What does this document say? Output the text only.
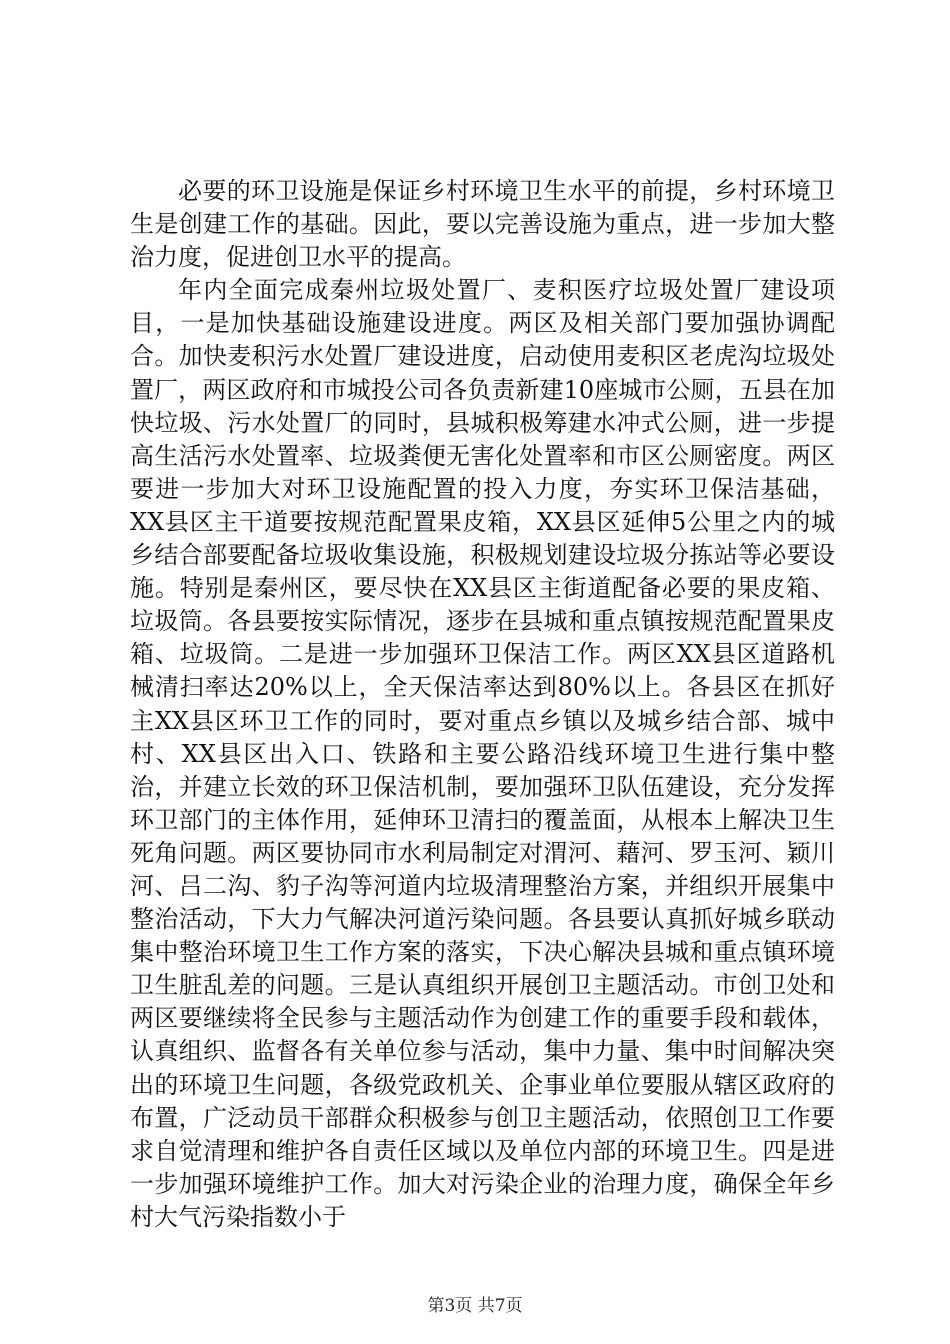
必要的环卫设施是保证乡村环境卫生水平的前提，乡村环境卫生是创建工作的基础。因此，要以完善设施为重点，进一步加大整治力度，促进创卫水平的提高。

年内全面完成秦州垃圾处置厂、麦积医疗垃圾处置厂建设项目，一是加快基础设施建设进度。两区及相关部门要加强协调配合。加快麦积污水处置厂建设进度，启动使用麦积区老虎沟垃圾处置厂，两区政府和市城投公司各负责新建10座城市公厕，五县在加快垃圾、污水处置厂的同时，县城积极筹建水冲式公厕，进一步提高生活污水处置率、垃圾粪便无害化处置率和市区公厕密度。两区要进一步加大对环卫设施配置的投入力度，夯实环卫保洁基础，XX县区主干道要按规范配置果皮箱，XX县区延伸5公里之内的城乡结合部要配备垃圾收集设施，积极规划建设垃圾分拣站等必要设施。特别是秦州区，要尽快在XX县区主街道配备必要的果皮箱、垃圾筒。各县要按实际情况，逐步在县城和重点镇按规范配置果皮箱、垃圾筒。二是进一步加强环卫保洁工作。两区XX县区道路机械清扫率达20%以上，全天保洁率达到80%以上。各县区在抓好主XX县区环卫工作的同时，要对重点乡镇以及城乡结合部、城中村、XX县区出入口、铁路和主要公路沿线环境卫生进行集中整治，并建立长效的环卫保洁机制，要加强环卫队伍建设，充分发挥环卫部门的主体作用，延伸环卫清扫的覆盖面，从根本上解决卫生死角问题。两区要协同市水利局制定对渭河、藉河、罗玉河、颖川河、吕二沟、豹子沟等河道内垃圾清理整治方案，并组织开展集中整治活动，下大力气解决河道污染问题。各县要认真抓好城乡联动集中整治环境卫生工作方案的落实，下决心解决县城和重点镇环境卫生脏乱差的问题。三是认真组织开展创卫主题活动。市创卫处和两区要继续将全民参与主题活动作为创建工作的重要手段和载体，认真组织、监督各有关单位参与活动，集中力量、集中时间解决突出的环境卫生问题，各级党政机关、企事业单位要服从辖区政府的布置，广泛动员干部群众积极参与创卫主题活动，依照创卫工作要求自觉清理和维护各自责任区域以及单位内部的环境卫生。四是进一步加强环境维护工作。加大对污染企业的治理力度，确保全年乡村大气污染指数小于

第3页 共7页
